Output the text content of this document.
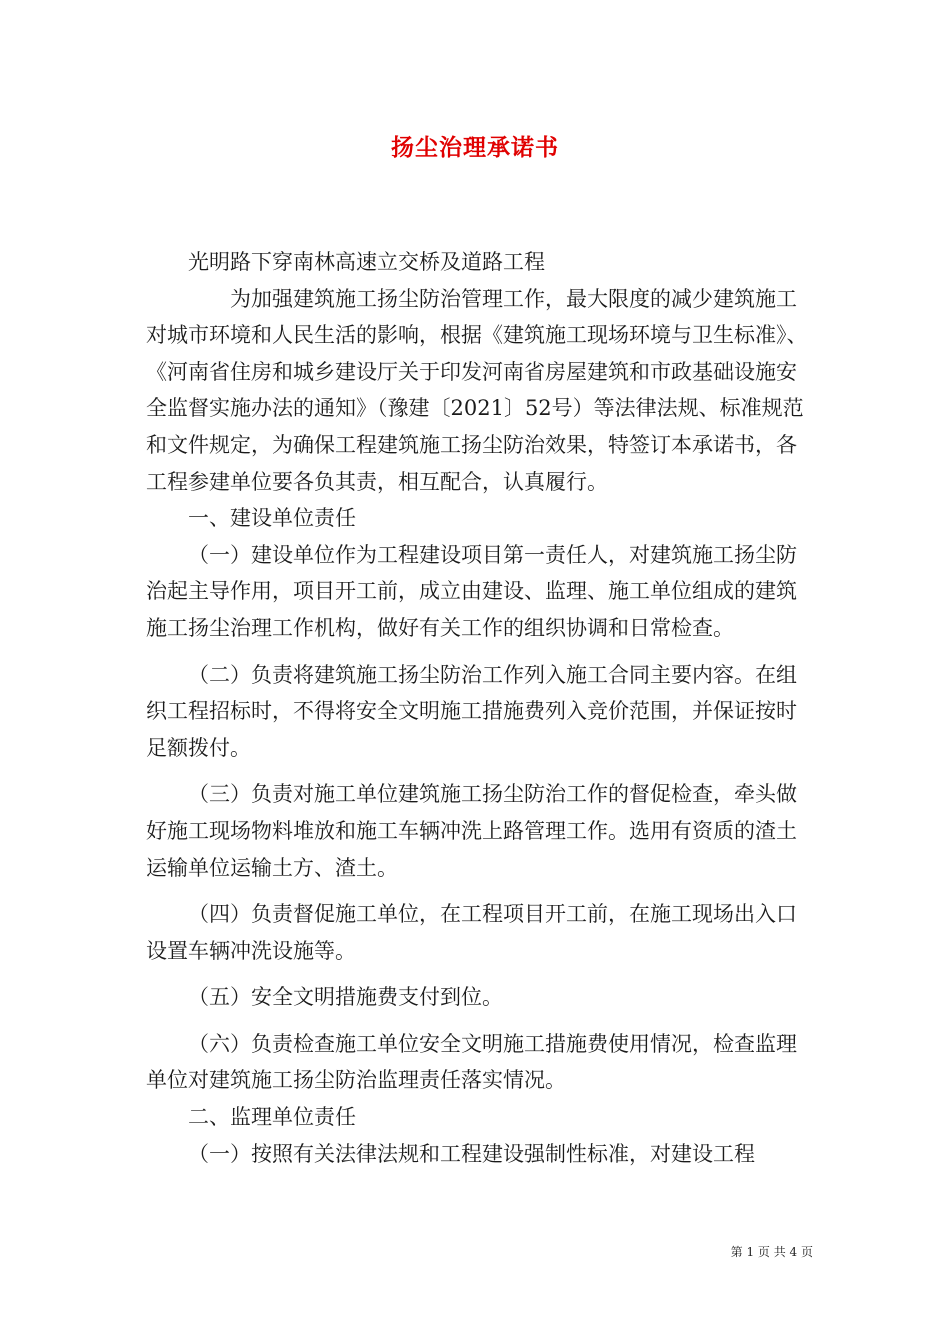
扬尘治理承诺书

光明路下穿南林高速立交桥及道路工程

为加强建筑施工扬尘防治管理工作，最大限度的减少建筑施工对城市环境和人民生活的影响，根据《建筑施工现场环境与卫生标准》、《河南省住房和城乡建设厅关于印发河南省房屋建筑和市政基础设施安全监督实施办法的通知》（豫建〔2021〕52号）等法律法规、标准规范和文件规定，为确保工程建筑施工扬尘防治效果，特签订本承诺书，各工程参建单位要各负其责，相互配合，认真履行。

一、建设单位责任

（一）建设单位作为工程建设项目第一责任人，对建筑施工扬尘防治起主导作用，项目开工前，成立由建设、监理、施工单位组成的建筑施工扬尘治理工作机构，做好有关工作的组织协调和日常检查。

（二）负责将建筑施工扬尘防治工作列入施工合同主要内容。在组织工程招标时，不得将安全文明施工措施费列入竞价范围，并保证按时足额拨付。

（三）负责对施工单位建筑施工扬尘防治工作的督促检查，牵头做好施工现场物料堆放和施工车辆冲洗上路管理工作。选用有资质的渣土运输单位运输土方、渣土。

（四）负责督促施工单位，在工程项目开工前，在施工现场出入口设置车辆冲洗设施等。

（五）安全文明措施费支付到位。

（六）负责检查施工单位安全文明施工措施费使用情况，检查监理单位对建筑施工扬尘防治监理责任落实情况。

二、监理单位责任

（一）按照有关法律法规和工程建设强制性标准，对建设工程

第 1 页 共 4 页
